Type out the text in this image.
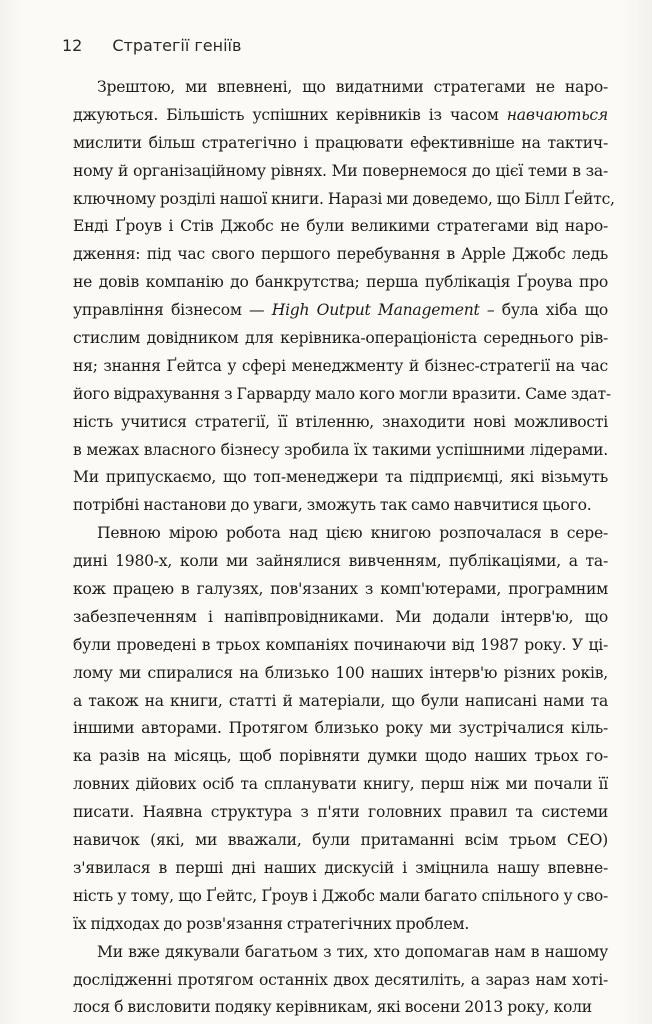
12 Стратегії геніїв
Зрештою, ми впевнені, що видатними стратегами не наро-
джуються. Більшість успішних керівників із часом навчаються
мислити більш стратегічно і працювати ефективніше на тактич-
ному й організаційному рівнях. Ми повернемося до цієї теми в за-
ключному розділі нашої книги. Наразі ми доведемо, що Білл Ґейтс,
Енді Ґроув і Стів Джобс не були великими стратегами від наро-
дження: під час свого першого перебування в Apple Джобс ледь
не довів компанію до банкрутства; перша публікація Ґроува про
управління бізнесом — High Output Management – була хіба що
стислим довідником для керівника-операціоніста середнього рів-
ня; знання Ґейтса у сфері менеджменту й бізнес-стратегії на час
його відрахування з Гарварду мало кого могли вразити. Саме здат-
ність учитися стратегії, її втіленню, знаходити нові можливості
в межах власного бізнесу зробила їх такими успішними лідерами.
Ми припускаємо, що топ-менеджери та підприємці, які візьмуть
потрібні настанови до уваги, зможуть так само навчитися цього.
Певною мірою робота над цією книгою розпочалася в сере-
дині 1980-х, коли ми зайнялися вивченням, публікаціями, а та-
кож працею в галузях, пов'язаних з комп'ютерами, програмним
забезпеченням і напівпровідниками. Ми додали інтерв'ю, що
були проведені в трьох компаніях починаючи від 1987 року. У ці-
лому ми спиралися на близько 100 наших інтерв'ю різних років,
а також на книги, статті й матеріали, що були написані нами та
іншими авторами. Протягом близько року ми зустрічалися кіль-
ка разів на місяць, щоб порівняти думки щодо наших трьох го-
ловних дійових осіб та спланувати книгу, перш ніж ми почали її
писати. Наявна структура з п'яти головних правил та системи
навичок (які, ми вважали, були притаманні всім трьом СЕО)
з'явилася в перші дні наших дискусій і зміцнила нашу впевне-
ність у тому, що Ґейтс, Ґроув і Джобс мали багато спільного у сво-
їх підходах до розв'язання стратегічних проблем.
Ми вже дякували багатьом з тих, хто допомагав нам в нашому
дослідженні протягом останніх двох десятиліть, а зараз нам хоті-
лося б висловити подяку керівникам, які восени 2013 року, коли
